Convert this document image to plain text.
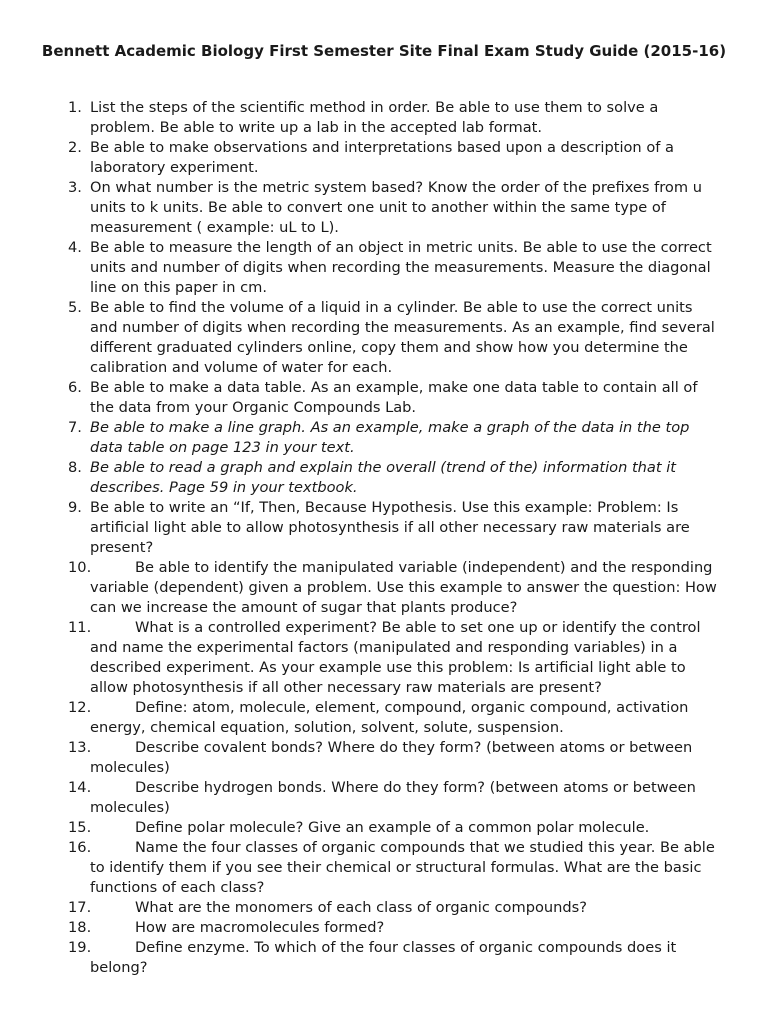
Bennett Academic Biology First Semester Site Final Exam Study Guide (2015-16)
1. List the steps of the scientific method in order. Be able to use them to solve a problem. Be able to write up a lab in the accepted lab format.
2. Be able to make observations and interpretations based upon a description of a laboratory experiment.
3. On what number is the metric system based? Know the order of the prefixes from u units to k units. Be able to convert one unit to another within the same type of measurement ( example: uL to L).
4. Be able to measure the length of an object in metric units. Be able to use the correct units and number of digits when recording the measurements. Measure the diagonal line on this paper in cm.
5. Be able to find the volume of a liquid in a cylinder. Be able to use the correct units and number of digits when recording the measurements. As an example, find several different graduated cylinders online, copy them and show how you determine the calibration and volume of water for each.
6. Be able to make a data table. As an example, make one data table to contain all of the data from your Organic Compounds Lab.
7. Be able to make a line graph. As an example, make a graph of the data in the top data table on page 123 in your text.
8. Be able to read a graph and explain the overall (trend of the) information that it describes. Page 59 in your textbook.
9. Be able to write an “If, Then, Because Hypothesis. Use this example: Problem: Is artificial light able to allow photosynthesis if all other necessary raw materials are present?
10.	Be able to identify the manipulated variable (independent) and the responding variable (dependent) given a problem. Use this example to answer the question: How can we increase the amount of sugar that plants produce?
11.	What is a controlled experiment? Be able to set one up or identify the control and name the experimental factors (manipulated and responding variables) in a described experiment. As your example use this problem: Is artificial light able to allow photosynthesis if all other necessary raw materials are present?
12.	Define: atom, molecule, element, compound, organic compound, activation energy, chemical equation, solution, solvent, solute, suspension.
13.	Describe covalent bonds? Where do they form? (between atoms or between molecules)
14.	Describe hydrogen bonds. Where do they form? (between atoms or between molecules)
15.	Define polar molecule? Give an example of a common polar molecule.
16.	Name the four classes of organic compounds that we studied this year. Be able to identify them if you see their chemical or structural formulas. What are the basic functions of each class?
17.	What are the monomers of each class of organic compounds?
18.	How are macromolecules formed?
19.	Define enzyme. To which of the four classes of organic compounds does it belong?
